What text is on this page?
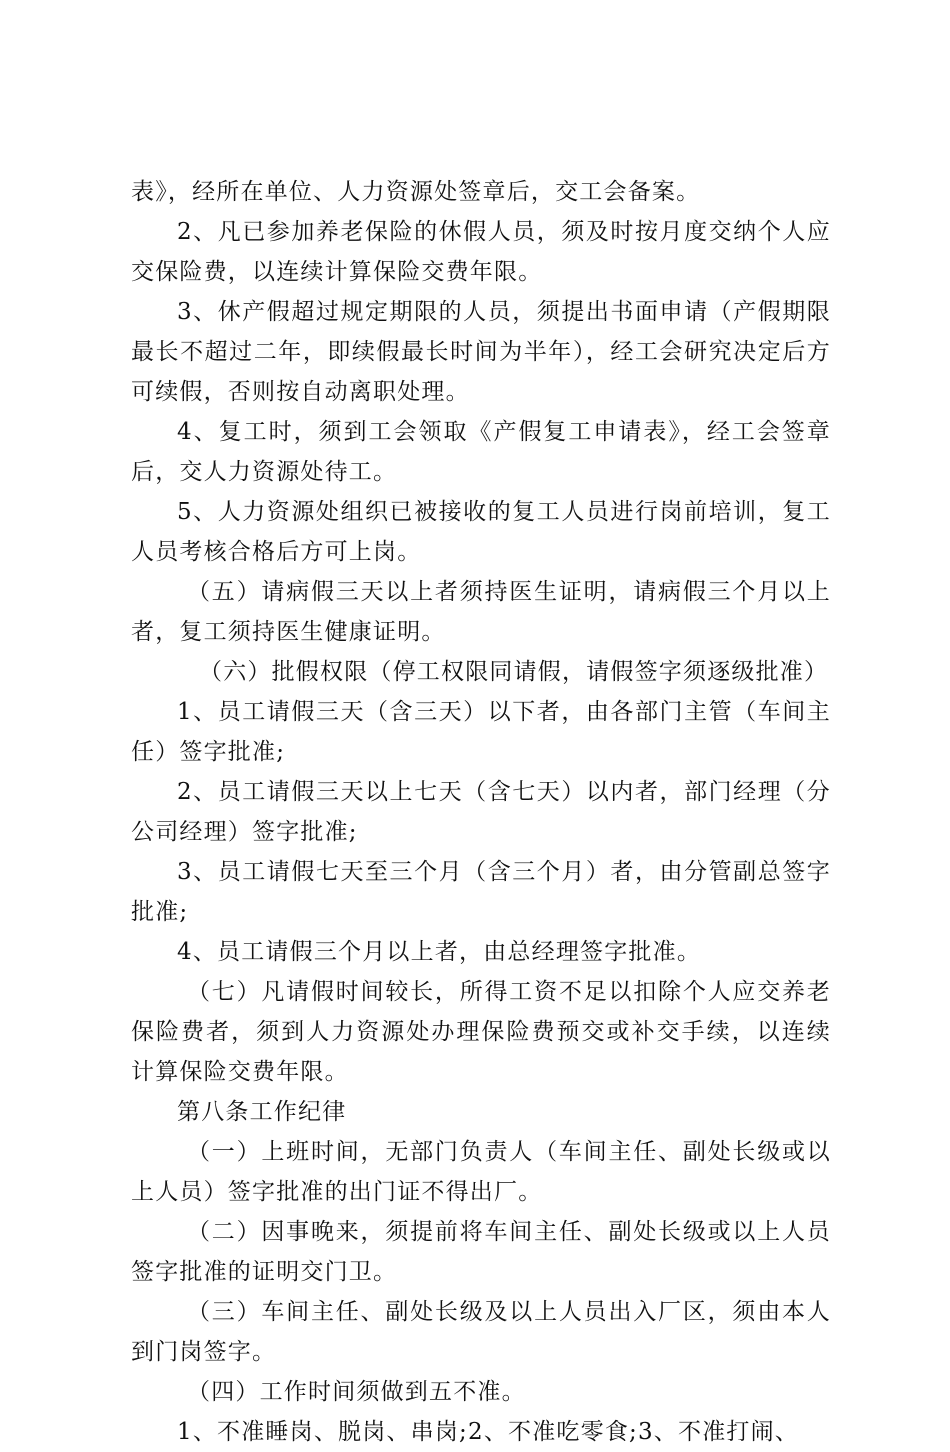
表》，经所在单位、人力资源处签章后，交工会备案。

2、凡已参加养老保险的休假人员，须及时按月度交纳个人应交保险费，以连续计算保险交费年限。

3、休产假超过规定期限的人员，须提出书面申请（产假期限最长不超过二年，即续假最长时间为半年），经工会研究决定后方可续假，否则按自动离职处理。

4、复工时，须到工会领取《产假复工申请表》，经工会签章后，交人力资源处待工。

5、人力资源处组织已被接收的复工人员进行岗前培训，复工人员考核合格后方可上岗。

（五）请病假三天以上者须持医生证明，请病假三个月以上者，复工须持医生健康证明。

（六）批假权限（停工权限同请假，请假签字须逐级批准）

1、员工请假三天（含三天）以下者，由各部门主管（车间主任）签字批准;

2、员工请假三天以上七天（含七天）以内者，部门经理（分公司经理）签字批准;

3、员工请假七天至三个月（含三个月）者，由分管副总签字批准;

4、员工请假三个月以上者，由总经理签字批准。

（七）凡请假时间较长，所得工资不足以扣除个人应交养老保险费者，须到人力资源处办理保险费预交或补交手续，以连续计算保险交费年限。

第八条工作纪律

（一）上班时间，无部门负责人（车间主任、副处长级或以上人员）签字批准的出门证不得出厂。

（二）因事晚来，须提前将车间主任、副处长级或以上人员签字批准的证明交门卫。

（三）车间主任、副处长级及以上人员出入厂区，须由本人到门岗签字。

（四）工作时间须做到五不准。

1、不准睡岗、脱岗、串岗;2、不准吃零食;3、不准打闹、
